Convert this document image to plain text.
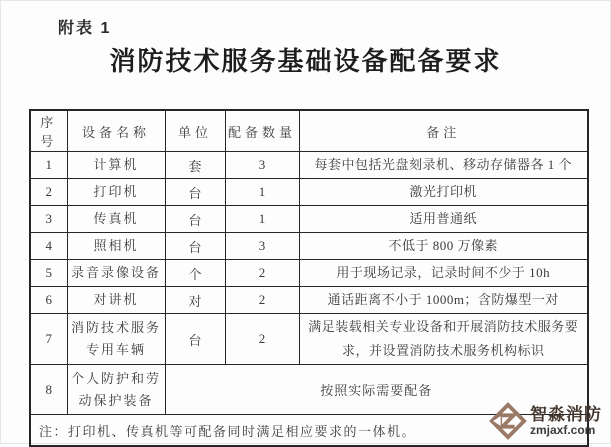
附表 1
消防技术服务基础设备配备要求
序号	设备名称	单位	配备数量	备注
1	计算机	套	3	每套中包括光盘刻录机、移动存储器各 1 个
2	打印机	台	1	激光打印机
3	传真机	台	1	适用普通纸
4	照相机	台	3	不低于 800 万像素
5	录音录像设备	个	2	用于现场记录，记录时间不少于 10h
6	对讲机	对	2	通话距离不小于 1000m；含防爆型一对
7	消防技术服务专用车辆	台	2	满足装载相关专业设备和开展消防技术服务要求，并设置消防技术服务机构标识
8	个人防护和劳动保护装备	按照实际需要配备		
注：打印机、传真机等可配备同时满足相应要求的一体机。				
智淼消防
zmjaxf.com
